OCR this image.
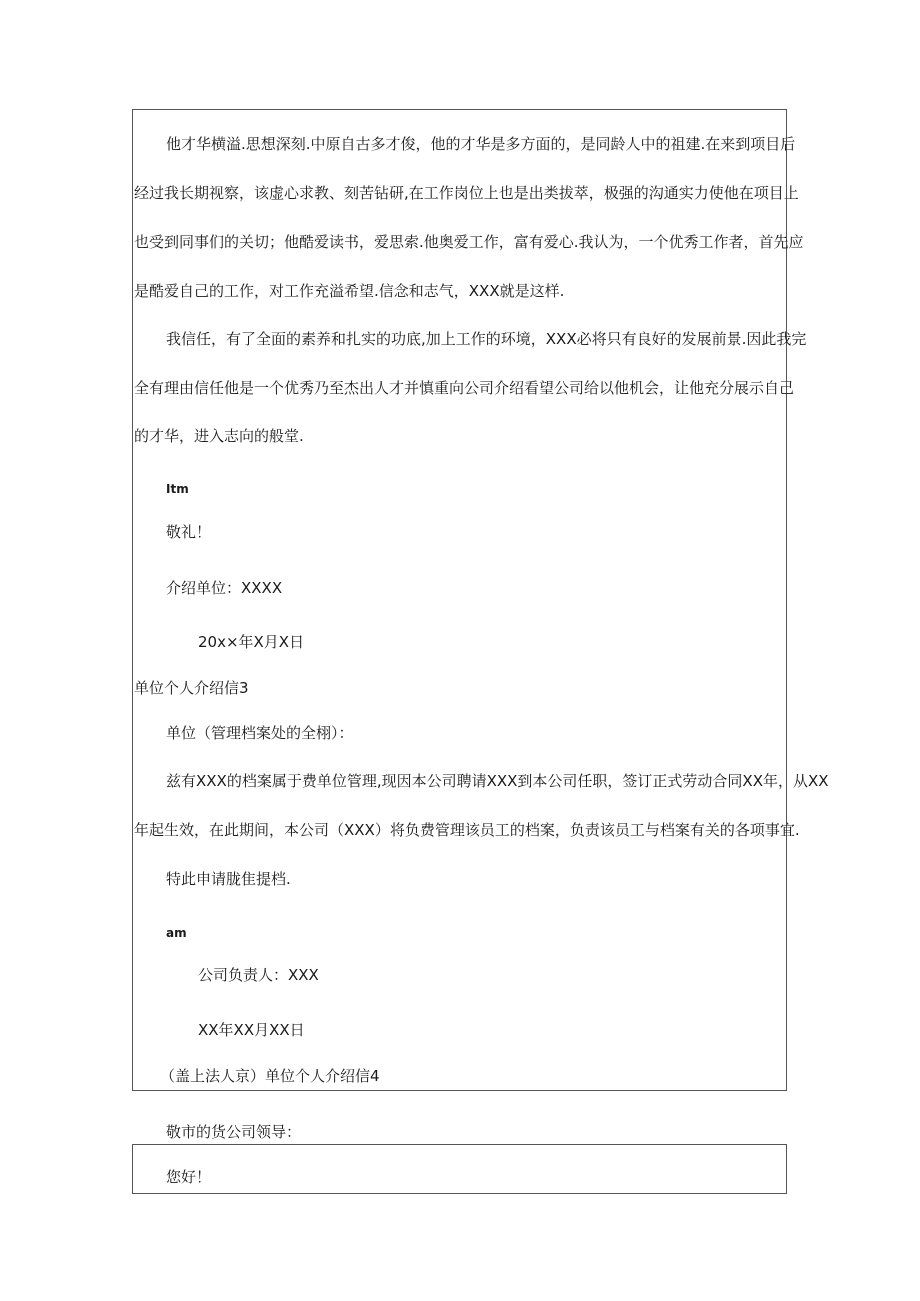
他才华横溢.思想深刻.中原自古多才俊，他的才华是多方面的，是同龄人中的祖建.在来到项目后
经过我长期视察，该虚心求教、刻苦钻研,在工作岗位上也是出类拔萃，极强的沟通实力使他在项目上
也受到同事们的关切；他酷爱读书，爱思索.他奥爱工作，富有爱心.我认为，一个优秀工作者，首先应
是酷爱自己的工作，对工作充溢希望.信念和志气，XXX就是这样.
我信任，有了全面的素养和扎实的功底,加上工作的环境，XXX必将只有良好的发展前景.因此我完
全有理由信任他是一个优秀乃至杰出人才并慎重向公司介绍看望公司给以他机会，让他充分展示自己
的才华，进入志向的般堂.
Itm
敬礼！
介绍单位：XXXX
20x×年X月X日
单位个人介绍信3
单位（管理档案处的全栩）：
兹有XXX的档案属于费单位管理,现因本公司聘请XXX到本公司任职，签订正式劳动合同XX年，从XX
年起生效，在此期间，本公司（XXX）将负费管理该员工的档案，负责该员工与档案有关的各项事宜.
特此申请胧隹提档.
am
公司负责人：XXX
XX年XX月XX日
（盖上法人京）单位个人介绍信4
敬市的货公司领导：
您好！
